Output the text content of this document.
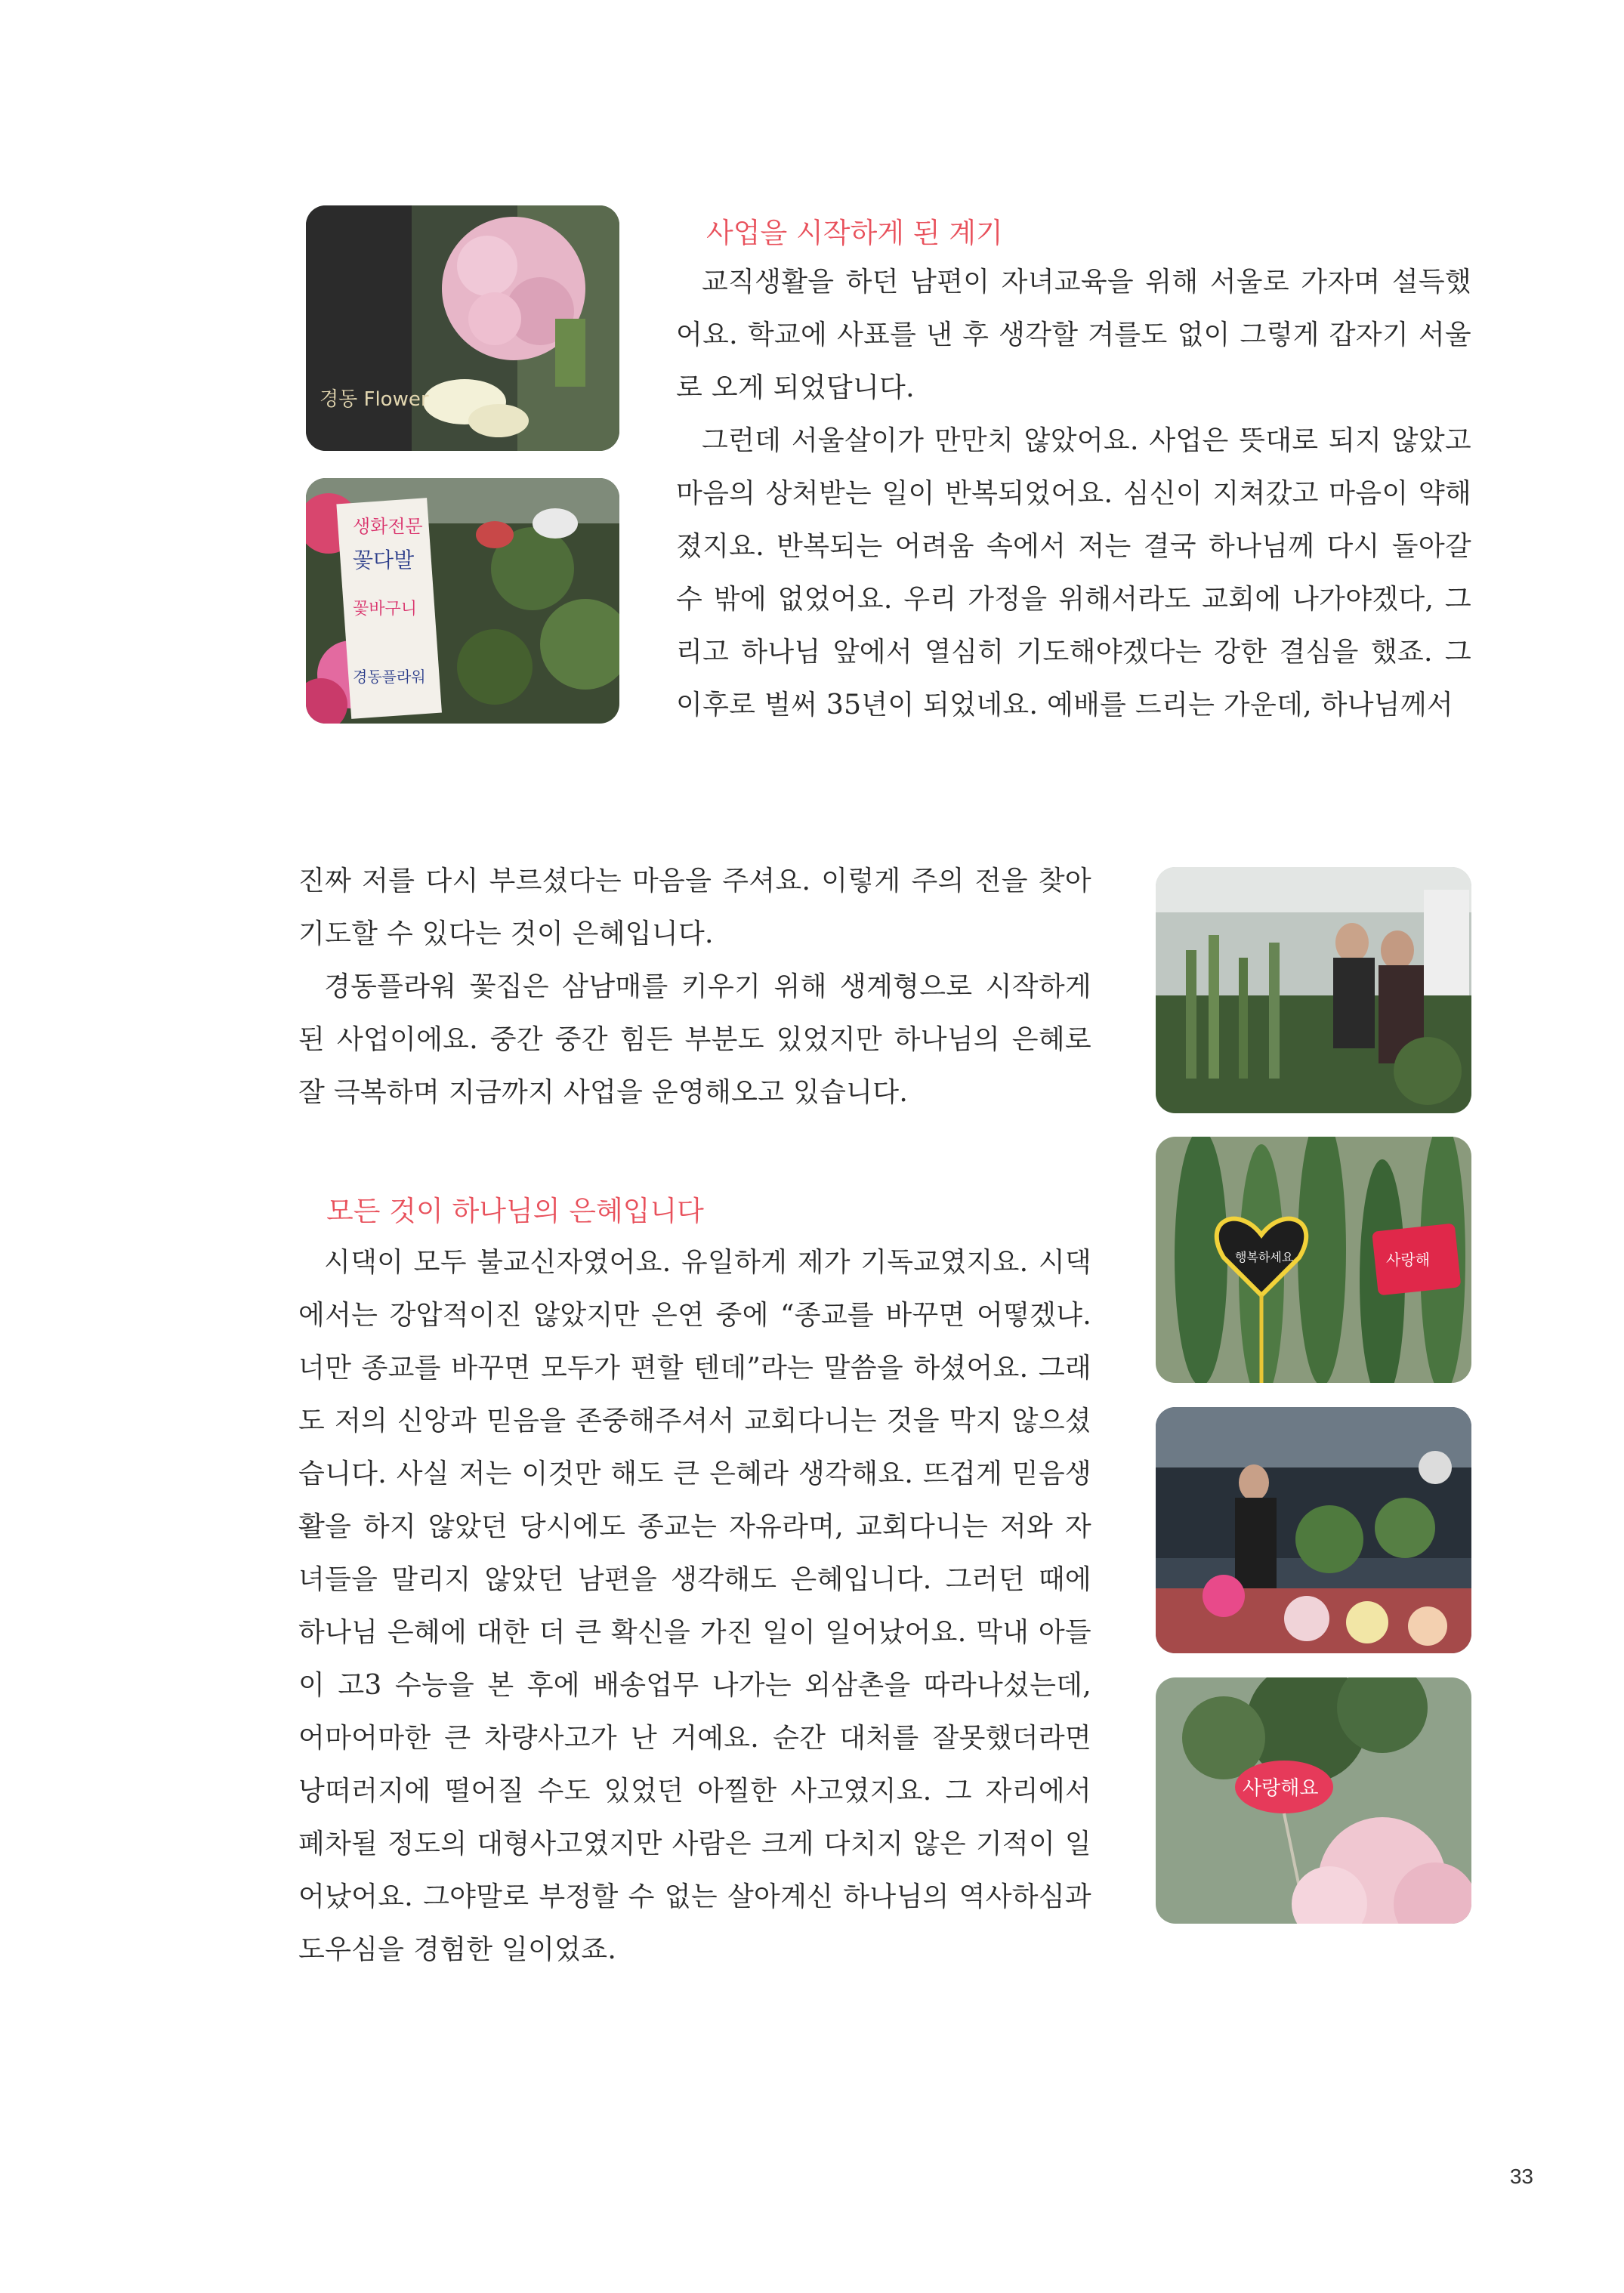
경동 Flower
생화전문
꽃다발
꽃바구니
경동플라워
사업을 시작하게 된 계기

교직생활을 하던 남편이 자녀교육을 위해 서울로 가자며 설득했어요. 학교에 사표를 낸 후 생각할 겨를도 없이 그렇게 갑자기 서울로 오게 되었답니다.

그런데 서울살이가 만만치 않았어요. 사업은 뜻대로 되지 않았고 마음의 상처받는 일이 반복되었어요. 심신이 지쳐갔고 마음이 약해졌지요. 반복되는 어려움 속에서 저는 결국 하나님께 다시 돌아갈 수 밖에 없었어요. 우리 가정을 위해서라도 교회에 나가야겠다, 그리고 하나님 앞에서 열심히 기도해야겠다는 강한 결심을 했죠. 그 이후로 벌써 35년이 되었네요. 예배를 드리는 가운데, 하나님께서

진짜 저를 다시 부르셨다는 마음을 주셔요. 이렇게 주의 전을 찾아 기도할 수 있다는 것이 은혜입니다.

경동플라워 꽃집은 삼남매를 키우기 위해 생계형으로 시작하게 된 사업이에요. 중간 중간 힘든 부분도 있었지만 하나님의 은혜로 잘 극복하며 지금까지 사업을 운영해오고 있습니다.

모든 것이 하나님의 은혜입니다

시댁이 모두 불교신자였어요. 유일하게 제가 기독교였지요. 시댁에서는 강압적이진 않았지만 은연 중에 “종교를 바꾸면 어떻겠냐. 너만 종교를 바꾸면 모두가 편할 텐데”라는 말씀을 하셨어요. 그래도 저의 신앙과 믿음을 존중해주셔서 교회다니는 것을 막지 않으셨습니다. 사실 저는 이것만 해도 큰 은혜라 생각해요. 뜨겁게 믿음생활을 하지 않았던 당시에도 종교는 자유라며, 교회다니는 저와 자녀들을 말리지 않았던 남편을 생각해도 은혜입니다. 그러던 때에 하나님 은혜에 대한 더 큰 확신을 가진 일이 일어났어요. 막내 아들이 고3 수능을 본 후에 배송업무 나가는 외삼촌을 따라나섰는데, 어마어마한 큰 차량사고가 난 거예요. 순간 대처를 잘못했더라면 낭떠러지에 떨어질 수도 있었던 아찔한 사고였지요. 그 자리에서 폐차될 정도의 대형사고였지만 사람은 크게 다치지 않은 기적이 일어났어요. 그야말로 부정할 수 없는 살아계신 하나님의 역사하심과 도우심을 경험한 일이었죠.

행복하세요	사랑해
사랑해요
33
